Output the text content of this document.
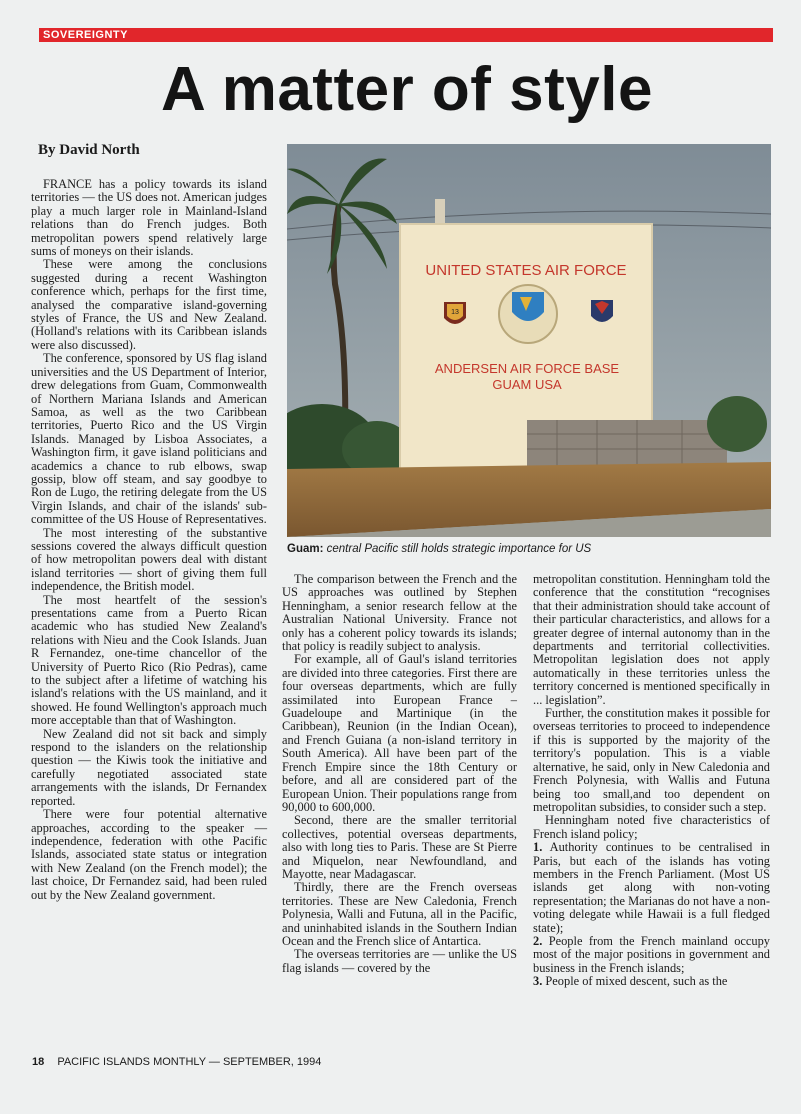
SOVEREIGNTY
A matter of style
By David North

FRANCE has a policy towards its island territories — the US does not. American judges play a much larger role in Mainland-Island relations than do French judges. Both metropolitan powers spend relatively large sums of moneys on their islands.

These were among the conclusions suggested during a recent Washington conference which, perhaps for the first time, analysed the comparative island-governing styles of France, the US and New Zealand. (Holland's relations with its Caribbean islands were also discussed).

The conference, sponsored by US flag island universities and the US Department of Interior, drew delegations from Guam, Commonwealth of Northern Mariana Islands and American Samoa, as well as the two Caribbean territories, Puerto Rico and the US Virgin Islands. Managed by Lisboa Associates, a Washington firm, it gave island politicians and academics a chance to rub elbows, swap gossip, blow off steam, and say goodbye to Ron de Lugo, the retiring delegate from the US Virgin Islands, and chair of the islands' sub-committee of the US House of Representatives.

The most interesting of the substantive sessions covered the always difficult question of how metropolitan powers deal with distant island territories — short of giving them full independence, the British model.

The most heartfelt of the session's presentations came from a Puerto Rican academic who has studied New Zealand's relations with Nieu and the Cook Islands. Juan R Fernandez, one-time chancellor of the University of Puerto Rico (Rio Pedras), came to the subject after a lifetime of watching his island's relations with the US mainland, and it showed. He found Wellington's approach much more acceptable than that of Washington.

New Zealand did not sit back and simply respond to the islanders on the relationship question — the Kiwis took the initiative and carefully negotiated associated state arrangements with the islands, Dr Fernandex reported.

There were four potential alternative approaches, according to the speaker — independence, federation with othe Pacific Islands, associated state status or integration with New Zealand (on the French model); the last choice, Dr Fernandez said, had been ruled out by the New Zealand government.

UNITED STATES AIR FORCE
13
ANDERSEN AIR FORCE BASE
GUAM USA
Guam: central Pacific still holds strategic importance for US

The comparison between the French and the US approaches was outlined by Stephen Henningham, a senior research fellow at the Australian National University. France not only has a coherent policy towards its islands; that policy is readily subject to analysis.

For example, all of Gaul's island territories are divided into three categories. First there are four overseas departments, which are fully assimilated into European France – Guadeloupe and Martinique (in the Caribbean), Reunion (in the Indian Ocean), and French Guiana (a non-island territory in South America). All have been part of the French Empire since the 18th Century or before, and all are considered part of the European Union. Their populations range from 90,000 to 600,000.

Second, there are the smaller territorial collectives, potential overseas departments, also with long ties to Paris. These are St Pierre and Miquelon, near Newfoundland, and Mayotte, near Madagascar.

Thirdly, there are the French overseas territories. These are New Caledonia, French Polynesia, Walli and Futuna, all in the Pacific, and uninhabited islands in the Southern Indian Ocean and the French slice of Antartica.

The overseas territories are — unlike the US flag islands — covered by the

metropolitan constitution. Henningham told the conference that the constitution “recognises that their administration should take account of their particular characteristics, and allows for a greater degree of internal autonomy than in the departments and territorial collectivities. Metropolitan legislation does not apply automatically in these territories unless the territory concerned is mentioned specifically in ... legislation”.

Further, the constitution makes it possible for overseas territories to proceed to independence if this is supported by the majority of the territory's population. This is a viable alternative, he said, only in New Caledonia and French Polynesia, with Wallis and Futuna being too small,and too dependent on metropolitan subsidies, to consider such a step.

Henningham noted five characteristics of French island policy;

1. Authority continues to be centralised in Paris, but each of the islands has voting members in the French Parliament. (Most US islands get along with non-voting representation; the Marianas do not have a non-voting delegate while Hawaii is a full fledged state);

2. People from the French mainland occupy most of the major positions in government and business in the French islands;

3. People of mixed descent, such as the

18 PACIFIC ISLANDS MONTHLY — SEPTEMBER, 1994
